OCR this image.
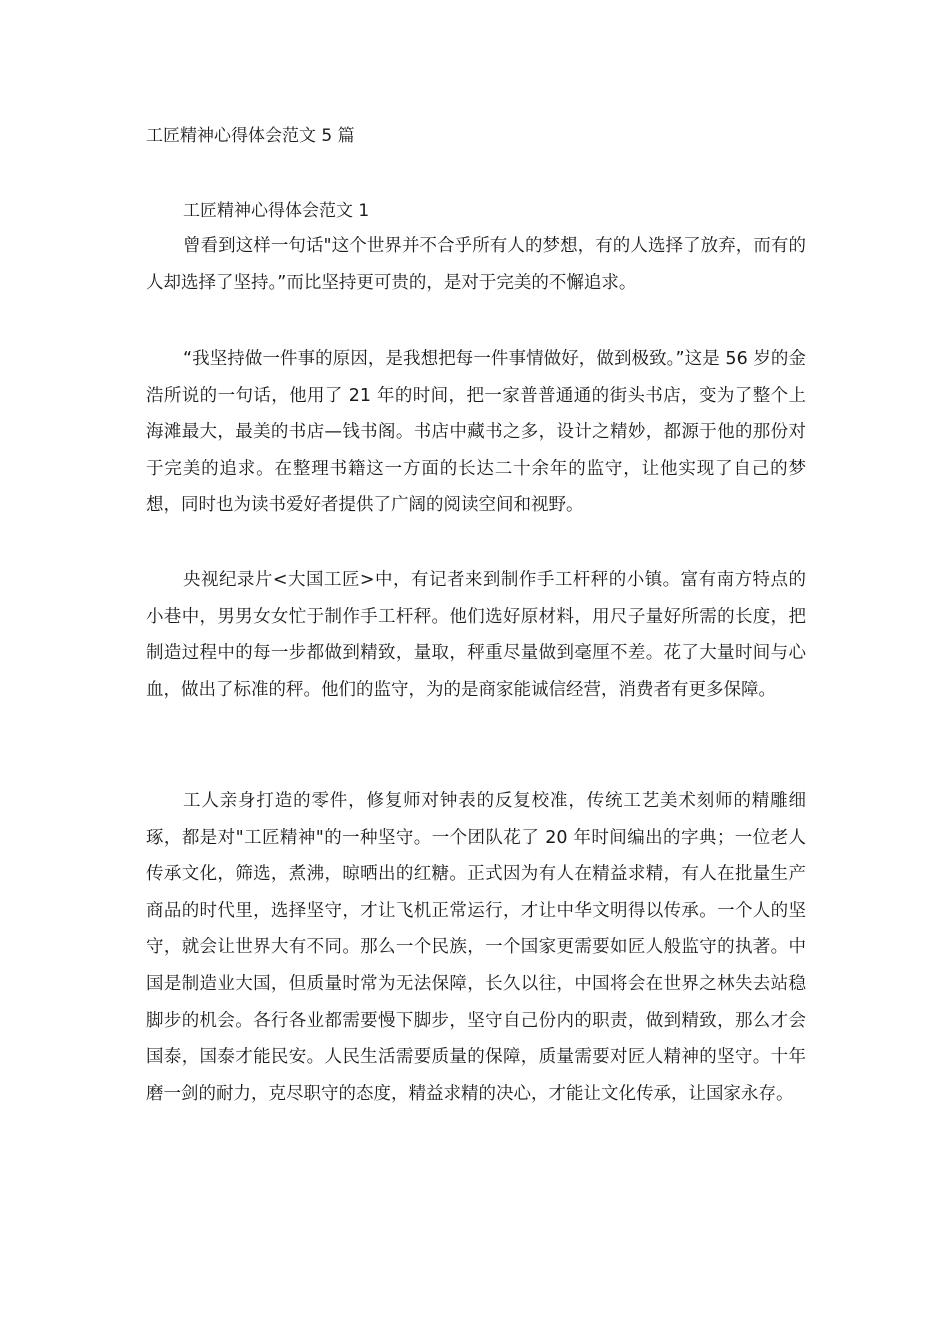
工匠精神心得体会范文 5 篇
工匠精神心得体会范文 1

曾看到这样一句话"这个世界并不合乎所有人的梦想，有的人选择了放弃，而有的人却选择了坚持。”而比坚持更可贵的，是对于完美的不懈追求。

“我坚持做一件事的原因，是我想把每一件事情做好，做到极致。”这是 56 岁的金浩所说的一句话，他用了 21 年的时间，把一家普普通通的街头书店，变为了整个上海滩最大，最美的书店—钱书阁。书店中藏书之多，设计之精妙，都源于他的那份对于完美的追求。在整理书籍这一方面的长达二十余年的监守，让他实现了自己的梦想，同时也为读书爱好者提供了广阔的阅读空间和视野。

央视纪录片<大国工匠>中，有记者来到制作手工杆秤的小镇。富有南方特点的小巷中，男男女女忙于制作手工杆秤。他们选好原材料，用尺子量好所需的长度，把制造过程中的每一步都做到精致，量取，秤重尽量做到毫厘不差。花了大量时间与心血，做出了标准的秤。他们的监守，为的是商家能诚信经营，消费者有更多保障。

工人亲身打造的零件，修复师对钟表的反复校准，传统工艺美术刻师的精雕细琢，都是对"工匠精神"的一种坚守。一个团队花了 20 年时间编出的字典；一位老人传承文化，筛选，煮沸，晾晒出的红糖。正式因为有人在精益求精，有人在批量生产商品的时代里，选择坚守，才让飞机正常运行，才让中华文明得以传承。一个人的坚守，就会让世界大有不同。那么一个民族，一个国家更需要如匠人般监守的执著。中国是制造业大国，但质量时常为无法保障，长久以往，中国将会在世界之林失去站稳脚步的机会。各行各业都需要慢下脚步，坚守自己份内的职责，做到精致，那么才会国泰，国泰才能民安。人民生活需要质量的保障，质量需要对匠人精神的坚守。十年磨一剑的耐力，克尽职守的态度，精益求精的决心，才能让文化传承，让国家永存。
